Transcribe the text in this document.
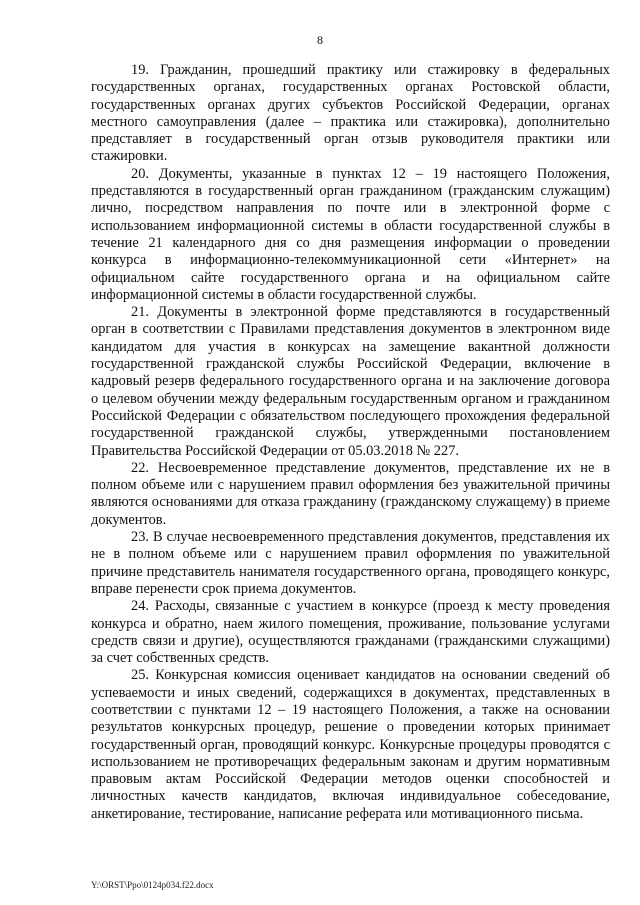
8

19. Гражданин, прошедший практику или стажировку в федеральных государственных органах, государственных органах Ростовской области, государственных органах других субъектов Российской Федерации, органах местного самоуправления (далее – практика или стажировка), дополнительно представляет в государственный орган отзыв руководителя практики или стажировки.

20. Документы, указанные в пунктах 12 – 19 настоящего Положения, представляются в государственный орган гражданином (гражданским служащим) лично, посредством направления по почте или в электронной форме с использованием информационной системы в области государственной службы в течение 21 календарного дня со дня размещения информации о проведении конкурса в информационно-телекоммуникационной сети «Интернет» на официальном сайте государственного органа и на официальном сайте информационной системы в области государственной службы.

21. Документы в электронной форме представляются в государственный орган в соответствии с Правилами представления документов в электронном виде кандидатом для участия в конкурсах на замещение вакантной должности государственной гражданской службы Российской Федерации, включение в кадровый резерв федерального государственного органа и на заключение договора о целевом обучении между федеральным государственным органом и гражданином Российской Федерации с обязательством последующего прохождения федеральной государственной гражданской службы, утвержденными постановлением Правительства Российской Федерации от 05.03.2018 № 227.

22. Несвоевременное представление документов, представление их не в полном объеме или с нарушением правил оформления без уважительной причины являются основаниями для отказа гражданину (гражданскому служащему) в приеме документов.

23. В случае несвоевременного представления документов, представления их не в полном объеме или с нарушением правил оформления по уважительной причине представитель нанимателя государственного органа, проводящего конкурс, вправе перенести срок приема документов.

24. Расходы, связанные с участием в конкурсе (проезд к месту проведения конкурса и обратно, наем жилого помещения, проживание, пользование услугами средств связи и другие), осуществляются гражданами (гражданскими служащими) за счет собственных средств.

25. Конкурсная комиссия оценивает кандидатов на основании сведений об успеваемости и иных сведений, содержащихся в документах, представленных в соответствии с пунктами 12 – 19 настоящего Положения, а также на основании результатов конкурсных процедур, решение о проведении которых принимает государственный орган, проводящий конкурс. Конкурсные процедуры проводятся с использованием не противоречащих федеральным законам и другим нормативным правовым актам Российской Федерации методов оценки способностей и личностных качеств кандидатов, включая индивидуальное собеседование, анкетирование, тестирование, написание реферата или мотивационного письма.

Y:\ORST\Ppo\0124p034.f22.docx
